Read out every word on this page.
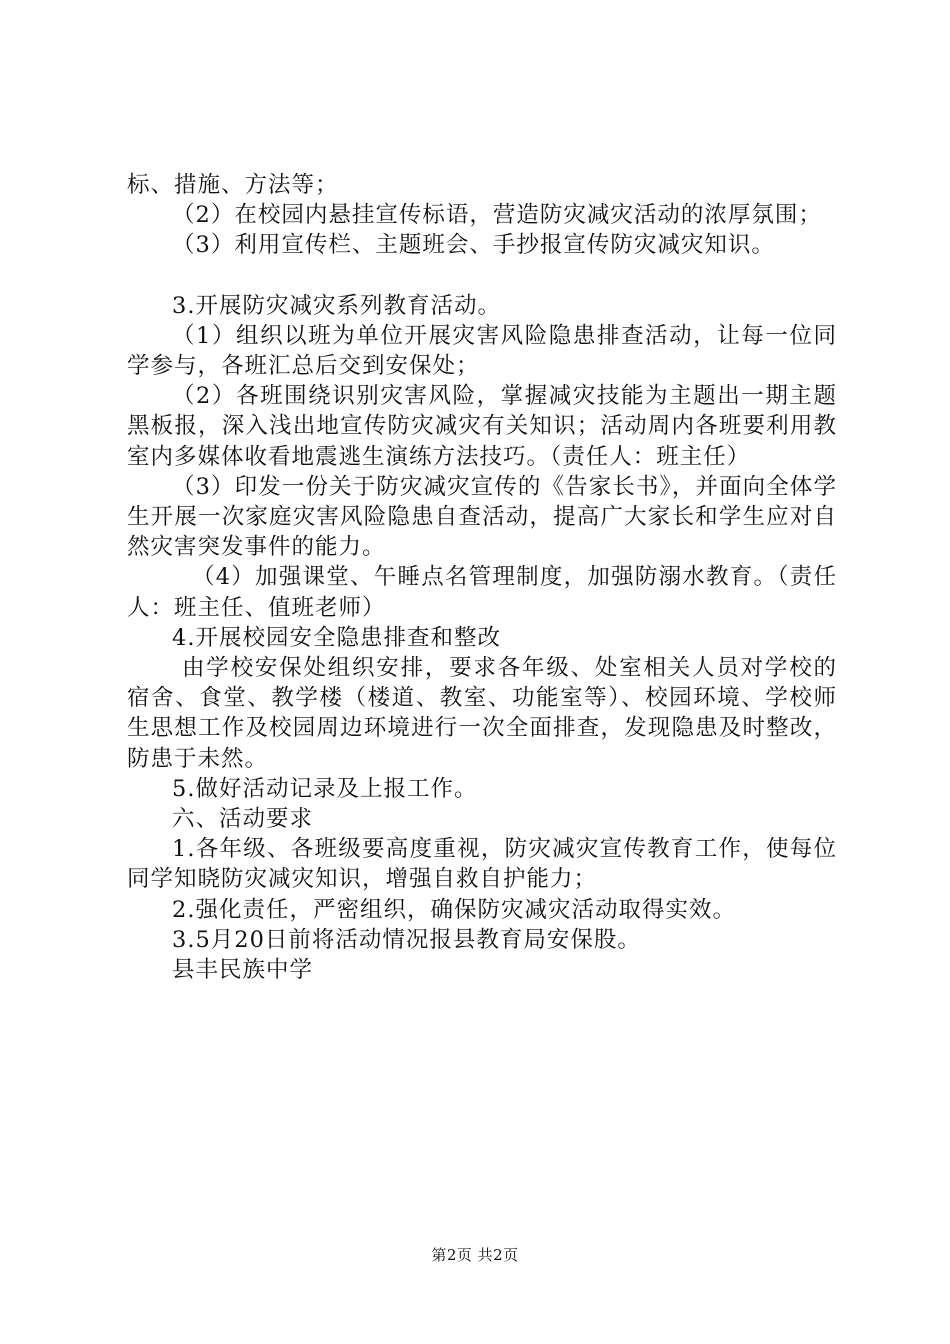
标、措施、方法等；

（2）在校园内悬挂宣传标语，营造防灾减灾活动的浓厚氛围；

（3）利用宣传栏、主题班会、手抄报宣传防灾减灾知识。

3.开展防灾减灾系列教育活动。

（1）组织以班为单位开展灾害风险隐患排查活动，让每一位同学参与，各班汇总后交到安保处；

（2）各班围绕识别灾害风险，掌握减灾技能为主题出一期主题黑板报，深入浅出地宣传防灾减灾有关知识；活动周内各班要利用教室内多媒体收看地震逃生演练方法技巧。（责任人：班主任）

（3）印发一份关于防灾减灾宣传的《告家长书》，并面向全体学生开展一次家庭灾害风险隐患自查活动，提高广大家长和学生应对自然灾害突发事件的能力。

（4）加强课堂、午睡点名管理制度，加强防溺水教育。（责任人：班主任、值班老师）

4.开展校园安全隐患排查和整改

由学校安保处组织安排，要求各年级、处室相关人员对学校的宿舍、食堂、教学楼（楼道、教室、功能室等）、校园环境、学校师生思想工作及校园周边环境进行一次全面排查，发现隐患及时整改，防患于未然。

5.做好活动记录及上报工作。

六、活动要求

1.各年级、各班级要高度重视，防灾减灾宣传教育工作，使每位同学知晓防灾减灾知识，增强自救自护能力；

2.强化责任，严密组织，确保防灾减灾活动取得实效。

3.5月20日前将活动情况报县教育局安保股。

县丰民族中学

第2页 共2页
